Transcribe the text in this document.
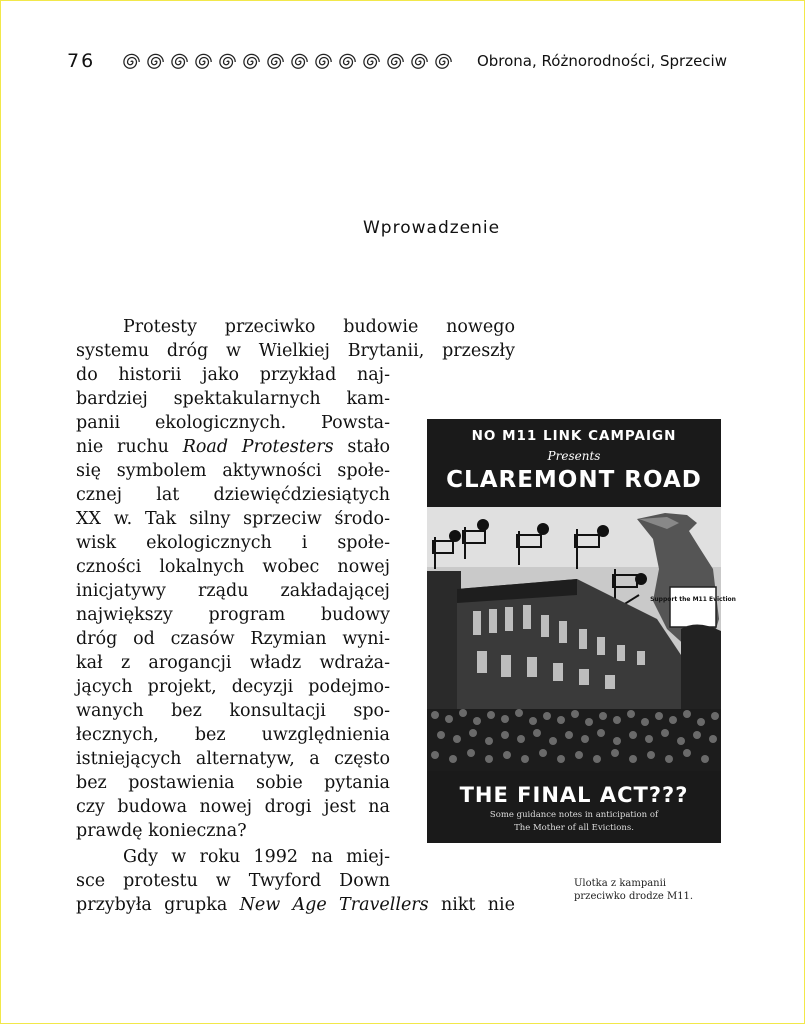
76	Obrona, Różnorodności, Sprzeciw
Wprowadzenie
Protesty przeciwko budowie nowego
systemu dróg w Wielkiej Brytanii, przeszły
do historii jako przykład naj-
bardziej spektakularnych kam-
panii ekologicznych. Powsta-
nie ruchu Road Protesters stało
się symbolem aktywności społe-
cznej lat dziewięćdziesiątych
XX w. Tak silny sprzeciw środo-
wisk ekologicznych i społe-
czności lokalnych wobec nowej
inicjatywy rządu zakładającej
największy program budowy
dróg od czasów Rzymian wyni-
kał z arogancji władz wdraża-
jących projekt, decyzji podejmo-
wanych bez konsultacji spo-
łecznych, bez uwzględnienia
istniejących alternatyw, a często
bez postawienia sobie pytania
czy budowa nowej drogi jest na
prawdę konieczna?
Gdy w roku 1992 na miej-
sce protestu w Twyford Down
przybyła grupka New Age Travellers nikt nie
Support the M11 Eviction
NO M11 LINK CAMPAIGN
Presents
CLAREMONT ROAD
THE FINAL ACT???
Some guidance notes in anticipation of
The Mother of all Evictions.
Ulotka z kampanii
przeciwko drodze M11.
